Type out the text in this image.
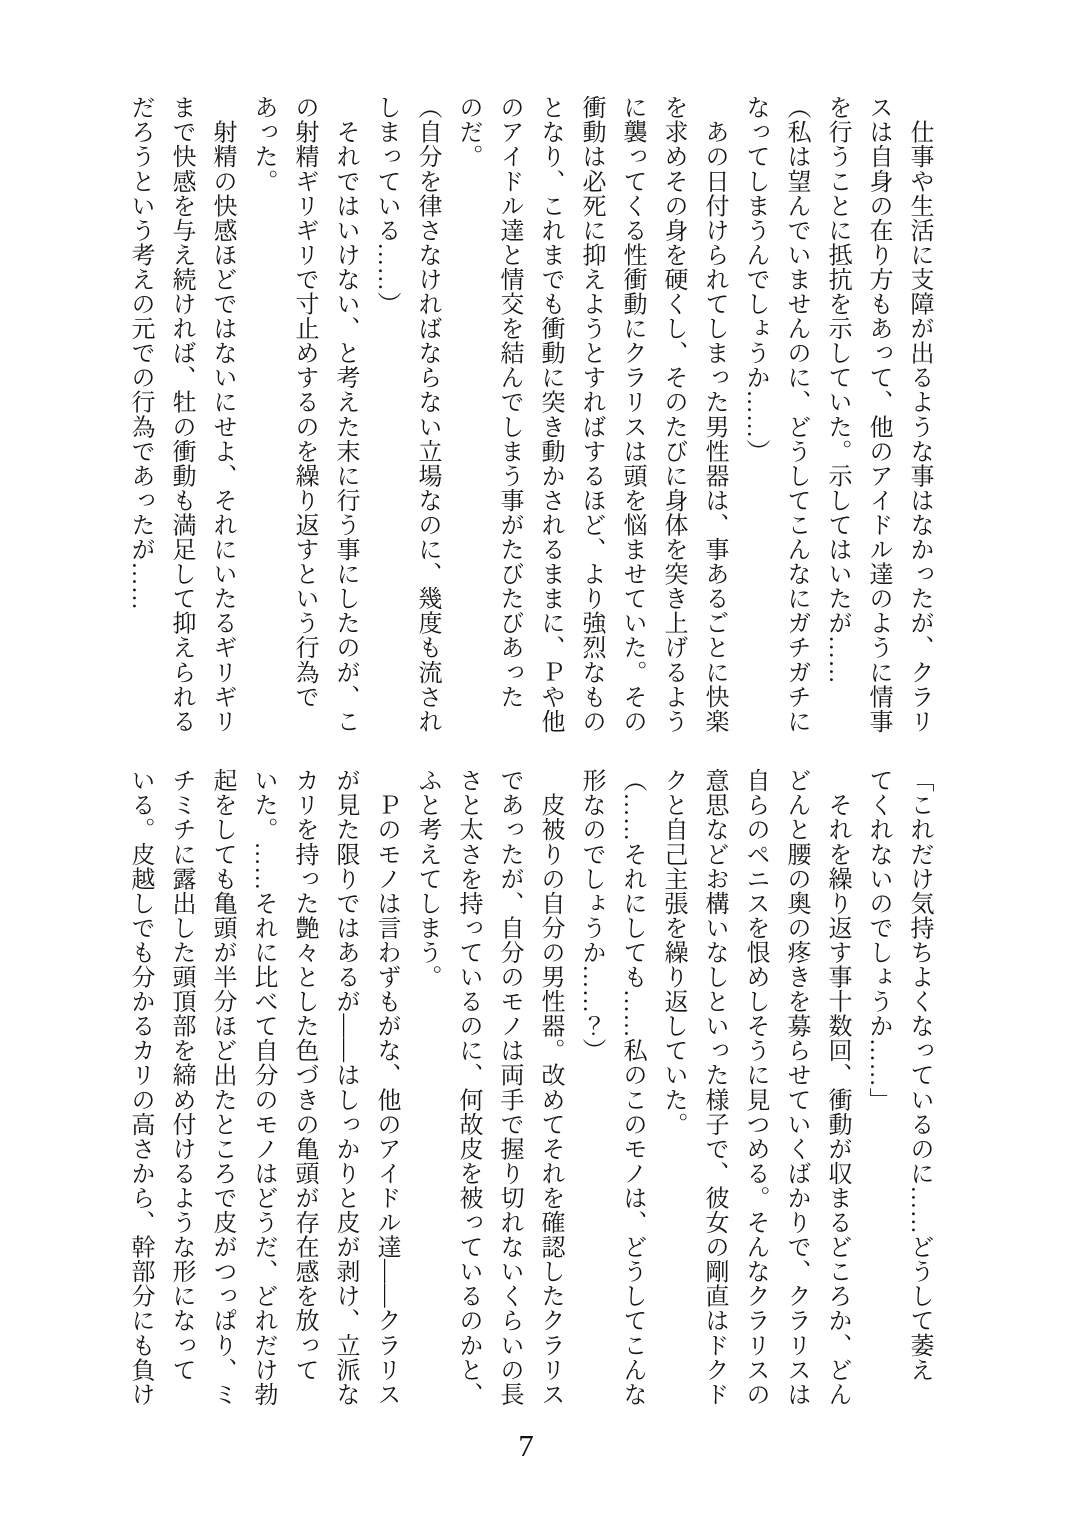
　仕事や生活に支障が出るような事はなかったが、クラリ
スは自身の在り方もあって、他のアイドル達のように情事
を行うことに抵抗を示していた。示してはいたが……
（私は望んでいませんのに、どうしてこんなにガチガチに
なってしまうんでしょうか……）
　あの日付けられてしまった男性器は、事あるごとに快楽
を求めその身を硬くし、そのたびに身体を突き上げるよう
に襲ってくる性衝動にクラリスは頭を悩ませていた。その
衝動は必死に抑えようとすればするほど、より強烈なもの
となり、これまでも衝動に突き動かされるままに、Ｐや他
のアイドル達と情交を結んでしまう事がたびたびあった
のだ。
（自分を律さなければならない立場なのに、幾度も流され
しまっている……）
　それではいけない、と考えた末に行う事にしたのが、こ
の射精ギリギリで寸止めするのを繰り返すという行為で
あった。
　射精の快感ほどではないにせよ、それにいたるギリギリ
まで快感を与え続ければ、牡の衝動も満足して抑えられる
だろうという考えの元での行為であったが……
「これだけ気持ちよくなっているのに……どうして萎え
てくれないのでしょうか……」
　それを繰り返す事十数回、衝動が収まるどころか、どん
どんと腰の奥の疼きを募らせていくばかりで、クラリスは
自らのペニスを恨めしそうに見つめる。そんなクラリスの
意思などお構いなしといった様子で、彼女の剛直はドクド
クと自己主張を繰り返していた。
（……それにしても……私のこのモノは、どうしてこんな
形なのでしょうか……？）
　皮被りの自分の男性器。改めてそれを確認したクラリス
であったが、自分のモノは両手で握り切れないくらいの長
さと太さを持っているのに、何故皮を被っているのかと、
ふと考えてしまう。
　Ｐのモノは言わずもがな、他のアイドル達――クラリス
が見た限りではあるが――はしっかりと皮が剥け、立派な
カリを持った艶々とした色づきの亀頭が存在感を放って
いた。……それに比べて自分のモノはどうだ、どれだけ勃
起をしても亀頭が半分ほど出たところで皮がつっぱり、ミ
チミチに露出した頭頂部を締め付けるような形になって
いる。皮越しでも分かるカリの高さから、幹部分にも負け
7
